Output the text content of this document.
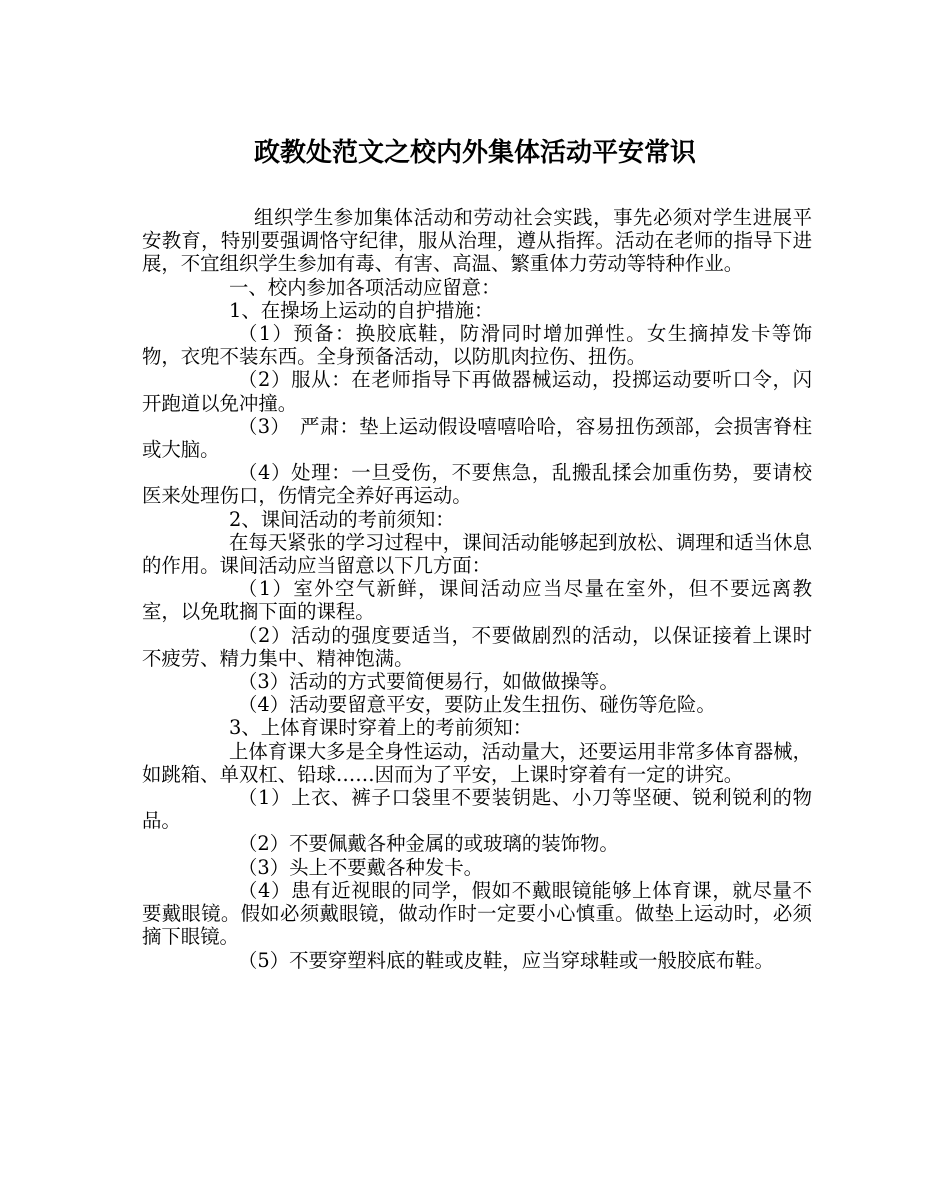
政教处范文之校内外集体活动平安常识

组织学生参加集体活动和劳动社会实践，事先必须对学生进展平安教育，特别要强调恪守纪律，服从治理，遵从指挥。活动在老师的指导下进展，不宜组织学生参加有毒、有害、高温、繁重体力劳动等特种作业。

一、校内参加各项活动应留意：

1、在操场上运动的自护措施：

（1）预备：换胶底鞋，防滑同时增加弹性。女生摘掉发卡等饰物，衣兜不装东西。全身预备活动，以防肌肉拉伤、扭伤。

（2）服从：在老师指导下再做器械运动，投掷运动要听口令，闪开跑道以免冲撞。

（3）　严肃：垫上运动假设嘻嘻哈哈，容易扭伤颈部，会损害脊柱或大脑。

（4）处理：一旦受伤，不要焦急，乱搬乱揉会加重伤势，要请校医来处理伤口，伤情完全养好再运动。

2、课间活动的考前须知：

在每天紧张的学习过程中，课间活动能够起到放松、调理和适当休息的作用。课间活动应当留意以下几方面：

（1）室外空气新鲜，课间活动应当尽量在室外，但不要远离教室，以免耽搁下面的课程。

（2）活动的强度要适当，不要做剧烈的活动，以保证接着上课时不疲劳、精力集中、精神饱满。

（3）活动的方式要简便易行，如做做操等。

（4）活动要留意平安，要防止发生扭伤、碰伤等危险。

3、上体育课时穿着上的考前须知：

上体育课大多是全身性运动，活动量大，还要运用非常多体育器械，如跳箱、单双杠、铅球……因而为了平安，上课时穿着有一定的讲究。

（1）上衣、裤子口袋里不要装钥匙、小刀等坚硬、锐利锐利的物品。

（2）不要佩戴各种金属的或玻璃的装饰物。

（3）头上不要戴各种发卡。

（4）患有近视眼的同学，假如不戴眼镜能够上体育课，就尽量不要戴眼镜。假如必须戴眼镜，做动作时一定要小心慎重。做垫上运动时，必须摘下眼镜。

（5）不要穿塑料底的鞋或皮鞋，应当穿球鞋或一般胶底布鞋。
